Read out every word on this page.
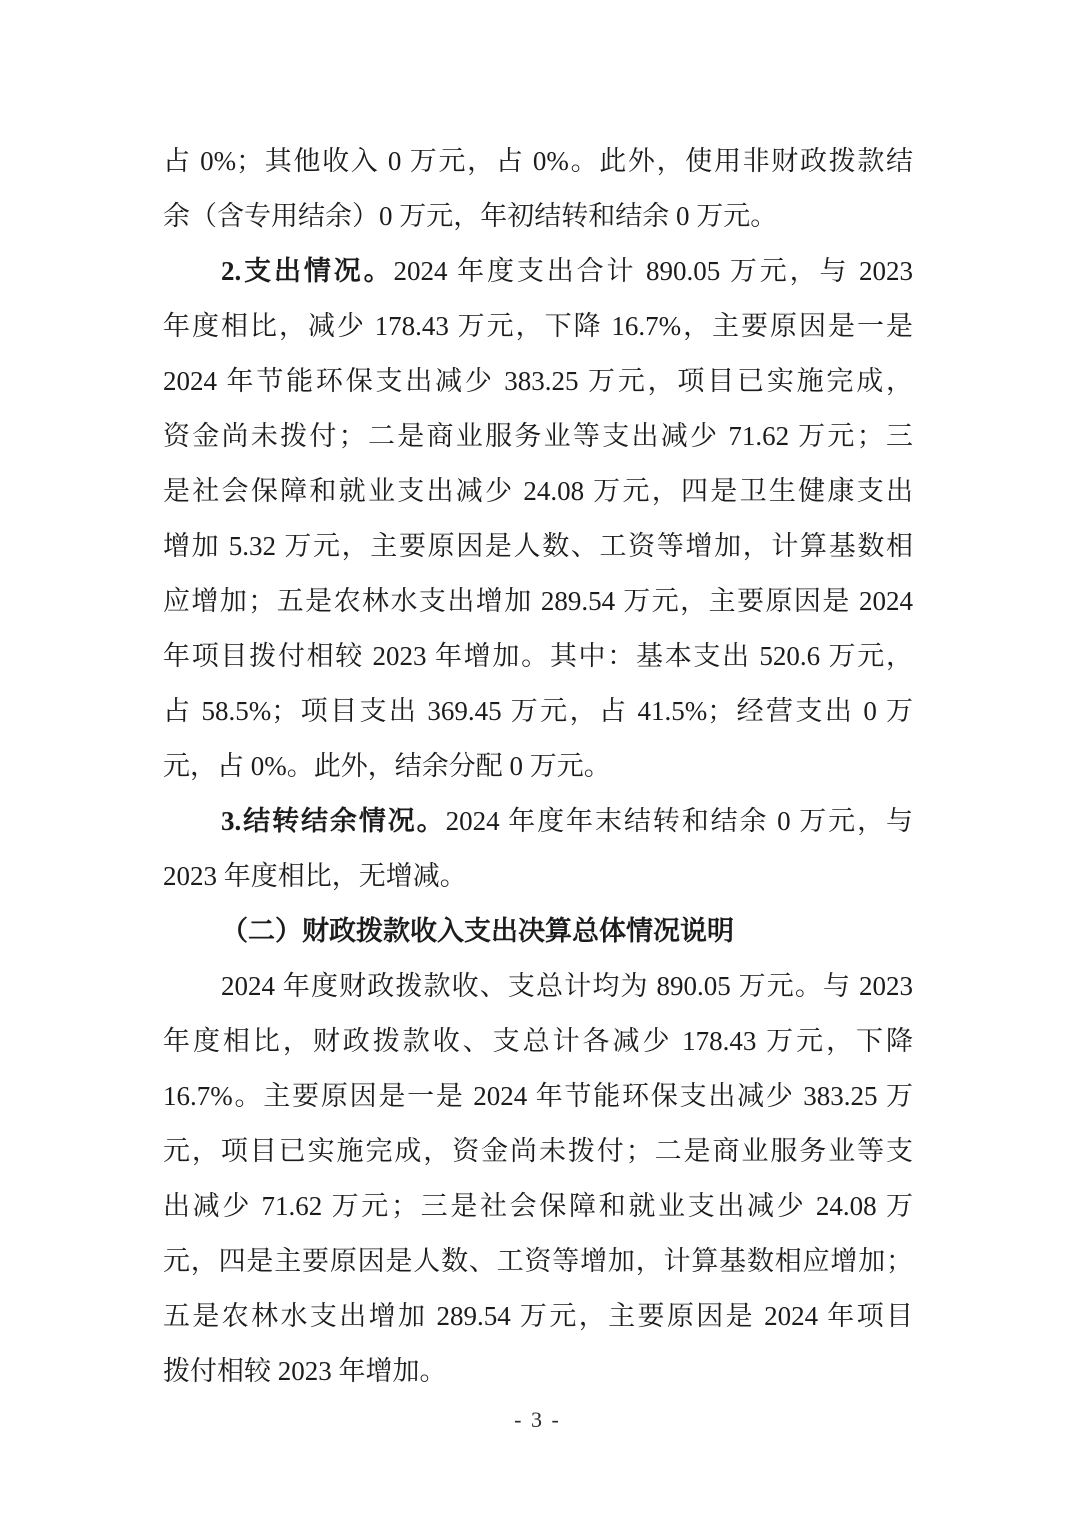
占 0%；其他收入 0 万元，占 0%。此外，使用非财政拨款结
余（含专用结余）0 万元，年初结转和结余 0 万元。
2.支出情况。2024 年度支出合计 890.05 万元，与 2023
年度相比，减少 178.43 万元，下降 16.7%，主要原因是一是
2024 年节能环保支出减少 383.25 万元，项目已实施完成，
资金尚未拨付；二是商业服务业等支出减少 71.62 万元；三
是社会保障和就业支出减少 24.08 万元，四是卫生健康支出
增加 5.32 万元，主要原因是人数、工资等增加，计算基数相
应增加；五是农林水支出增加 289.54 万元，主要原因是 2024
年项目拨付相较 2023 年增加。其中：基本支出 520.6 万元，
占 58.5%；项目支出 369.45 万元，占 41.5%；经营支出 0 万
元，占 0%。此外，结余分配 0 万元。
3.结转结余情况。2024 年度年末结转和结余 0 万元，与
2023 年度相比，无增减。
（二）财政拨款收入支出决算总体情况说明
2024 年度财政拨款收、支总计均为 890.05 万元。与 2023
年度相比，财政拨款收、支总计各减少 178.43 万元，下降
16.7%。主要原因是一是 2024 年节能环保支出减少 383.25 万
元，项目已实施完成，资金尚未拨付；二是商业服务业等支
出减少 71.62 万元；三是社会保障和就业支出减少 24.08 万
元，四是主要原因是人数、工资等增加，计算基数相应增加；
五是农林水支出增加 289.54 万元，主要原因是 2024 年项目
拨付相较 2023 年增加。
- 3 -
